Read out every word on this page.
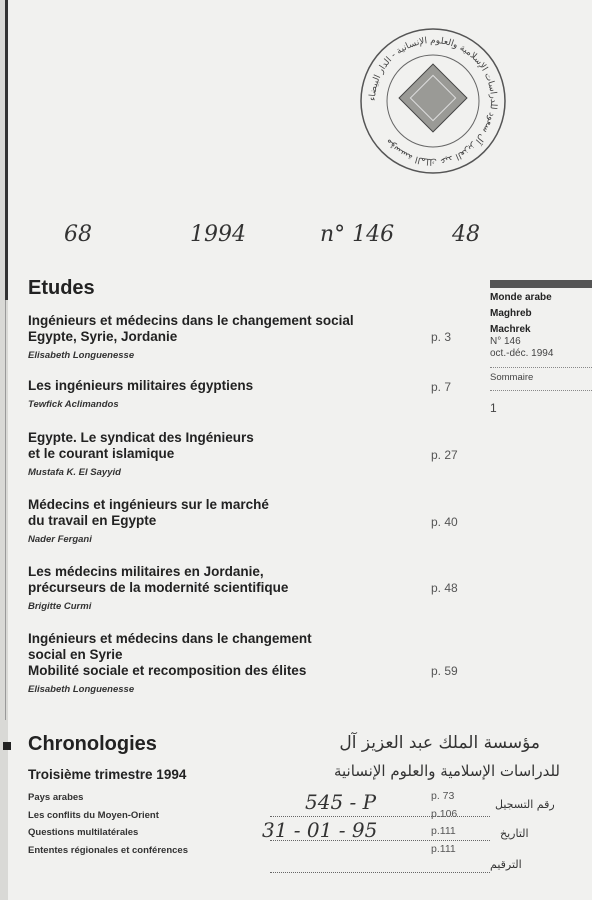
مؤسسة الملك عبد العزيز آل سعود للدراسات الإسلامية والعلوم الإنسانية - الدار البيضاء
68	1994	n° 146	48
Etudes
Ingénieurs et médecins dans le changement social
Egypte, Syrie, Jordanie
Elisabeth Longuenesse
p. 3
Les ingénieurs militaires égyptiens
Tewfick Aclimandos
p. 7
Egypte. Le syndicat des Ingénieurs
et le courant islamique
Mustafa K. El Sayyid
p. 27
Médecins et ingénieurs sur le marché
du travail en Egypte
Nader Fergani
p. 40
Les médecins militaires en Jordanie,
précurseurs de la modernité scientifique
Brigitte Curmi
p. 48
Ingénieurs et médecins dans le changement
social en Syrie
Mobilité sociale et recomposition des élites
Elisabeth Longuenesse
p. 59
Monde arabe
Maghreb
Machrek
N° 146
oct.-déc. 1994
Sommaire
1
Chronologies
Troisième trimestre 1994
Pays arabes	p. 73
Les conflits du Moyen-Orient	p.106
Questions multilatérales	p.111
Ententes régionales et conférences	p.111
مؤسسة الملك عبد العزيز آل
للدراسات الإسلامية والعلوم الإنسانية
رقم التسجيل
545 - P
التاريخ
31 - 01 - 95
الترقيم
